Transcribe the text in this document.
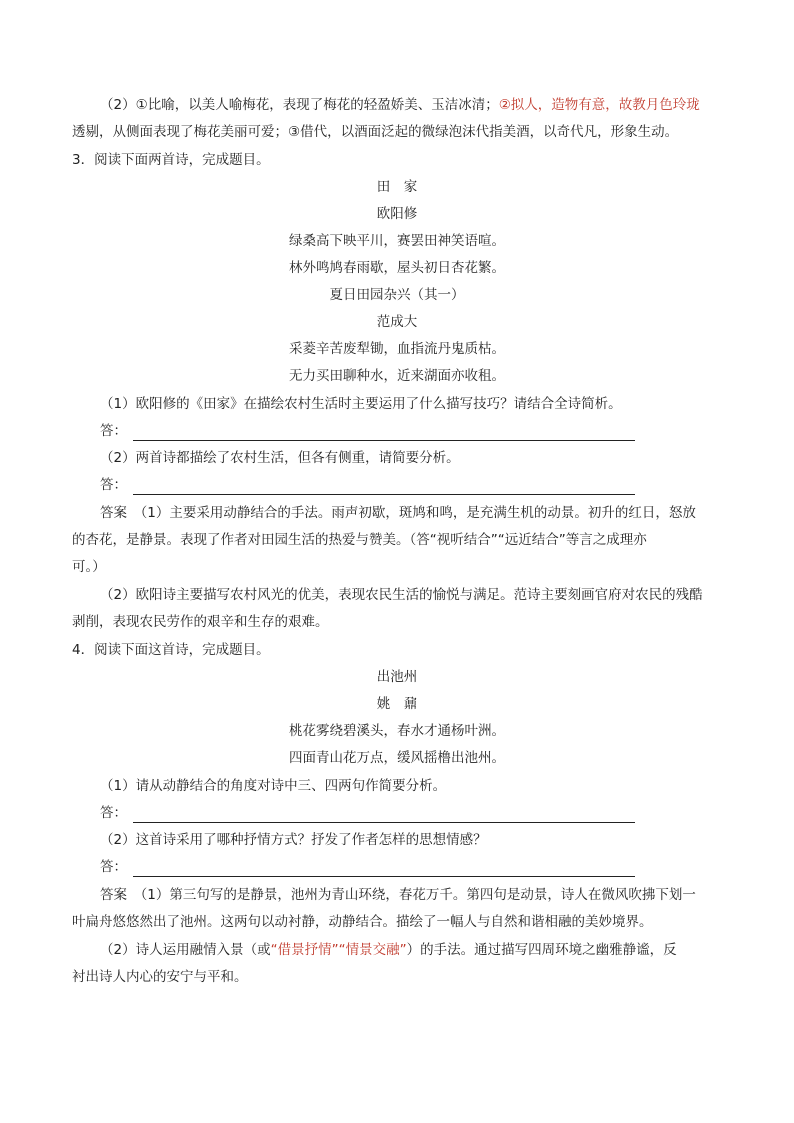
（2）①比喻，以美人喻梅花，表现了梅花的轻盈娇美、玉洁冰清；②拟人，造物有意，故教月色玲珑
透剔，从侧面表现了梅花美丽可爱；③借代，以酒面泛起的微绿泡沫代指美酒，以奇代凡，形象生动。
3．阅读下面两首诗，完成题目。
田　家
欧阳修
绿桑高下映平川，赛罢田神笑语喧。
林外鸣鸠春雨歇，屋头初日杏花繁。
夏日田园杂兴（其一）
范成大
采菱辛苦废犁锄，血指流丹鬼质枯。
无力买田聊种水，近来湖面亦收租。
（1）欧阳修的《田家》在描绘农村生活时主要运用了什么描写技巧？请结合全诗简析。
答：
（2）两首诗都描绘了农村生活，但各有侧重，请简要分析。
答：
答案　 （1）主要采用动静结合的手法。雨声初歇，斑鸠和鸣，是充满生机的动景。初升的红日，怒放
的杏花，是静景。表现了作者对田园生活的热爱与赞美。（答“视听结合”“远近结合”等言之成理亦
可。）
（2）欧阳诗主要描写农村风光的优美，表现农民生活的愉悦与满足。范诗主要刻画官府对农民的残酷
剥削，表现农民劳作的艰辛和生存的艰难。
4．阅读下面这首诗，完成题目。
出池州
姚　鼐
桃花雾绕碧溪头，春水才通杨叶洲。
四面青山花万点，缓风摇橹出池州。
（1）请从动静结合的角度对诗中三、四两句作简要分析。
答：
（2）这首诗采用了哪种抒情方式？抒发了作者怎样的思想情感？
答：
答案　 （1）第三句写的是静景，池州为青山环绕，春花万千。第四句是动景，诗人在微风吹拂下划一
叶扁舟悠悠然出了池州。这两句以动衬静，动静结合。描绘了一幅人与自然和谐相融的美妙境界。
（2）诗人运用融情入景（或“借景抒情”“情景交融”）的手法。通过描写四周环境之幽雅静谧，反
衬出诗人内心的安宁与平和。
